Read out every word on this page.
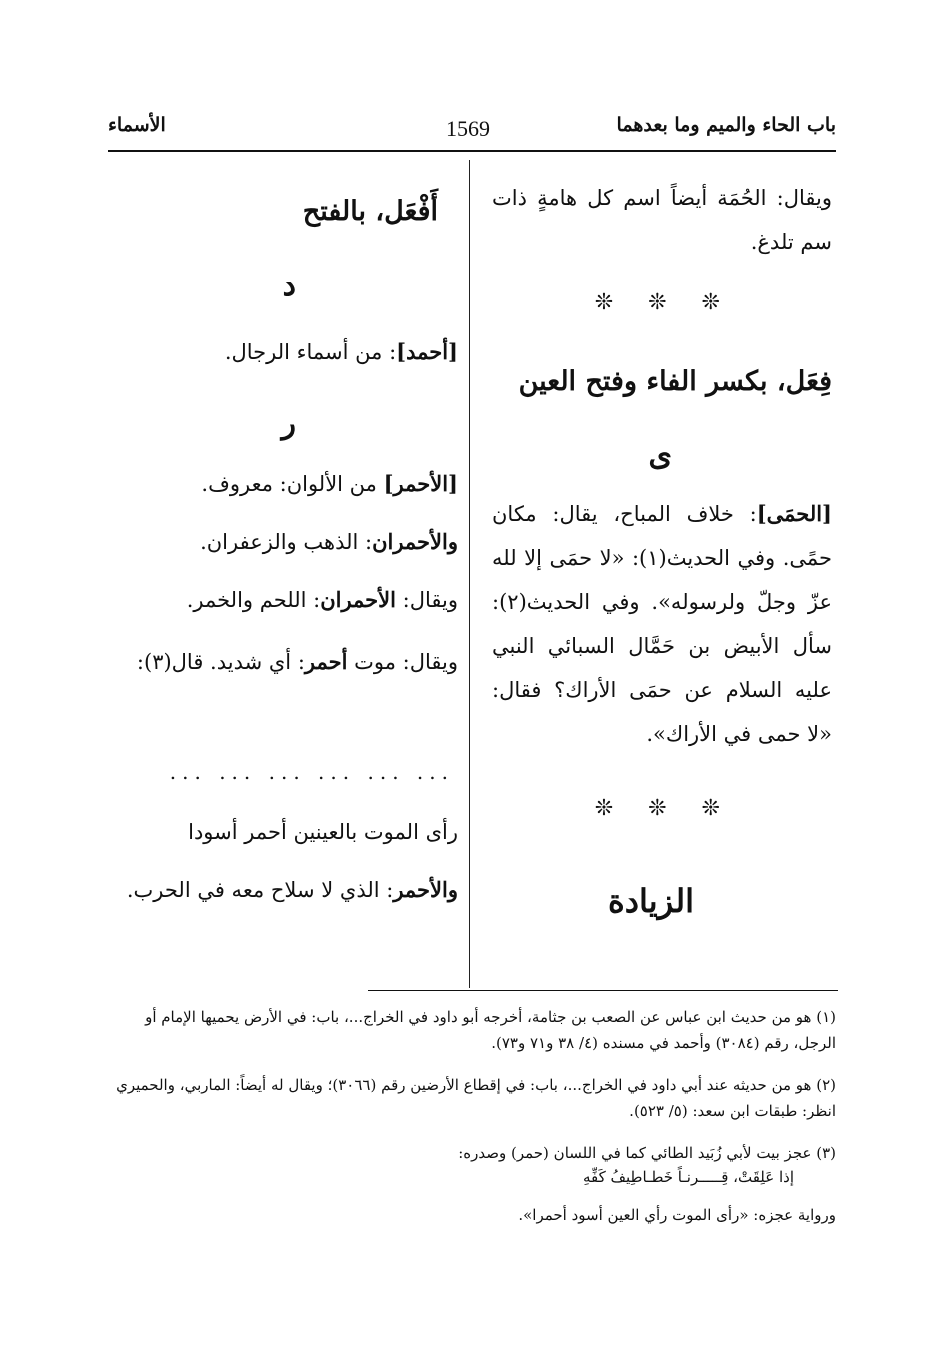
باب الحاء والميم وما بعدهما
1569
الأسماء
ويقال: الحُمَة أيضاً اسم كل هامةٍ ذات سم تلدغ.
❊ ❊ ❊
فِعَل، بكسر الفاء وفتح العين
ى
[الحمَى]: خلاف المباح، يقال: مكان حمًى. وفي الحديث(١): «لا حمَى إلا لله عزّ وجلّ ولرسوله». وفي الحديث(٢): سأل الأبيض بن حَمَّال السبائي النبي عليه السلام عن حمَى الأراك؟ فقال: «لا حمى في الأراك».
❊ ❊ ❊
الزيادة
أَفْعَل، بالفتح
د
[أحمد]: من أسماء الرجال.
ر
[الأحمر] من الألوان: معروف.
والأحمران: الذهب والزعفران.
ويقال: الأحمران: اللحم والخمر.
ويقال: موت أحمر: أي شديد. قال(٣):
... ... ... ... ... ...
رأى الموت بالعينين أحمر أسودا
والأحمر: الذي لا سلاح معه في الحرب.
(١) هو من حديث ابن عباس عن الصعب بن جثامة، أخرجه أبو داود في الخراج...، باب: في الأرض يحميها الإمام أو الرجل، رقم (٣٠٨٤) وأحمد في مسنده (٤/ ٣٨ و٧١ و٧٣).
(٢) هو من حديثه عند أبي داود في الخراج...، باب: في إقطاع الأرضين رقم (٣٠٦٦)؛ ويقال له أيضاً: الماربي، والحميري انظر: طبقات ابن سعد: (٥/ ٥٢٣).
(٣) عجز بيت لأبي زُبَيد الطائي كما في اللسان (حمر) وصدره:
إذا عَلِقَتْ، قِـــــرنـاً خَطـاطِيفُ كَفِّهِ
ورواية عجزه: «رأى الموت رأي العين أسود أحمرا».
